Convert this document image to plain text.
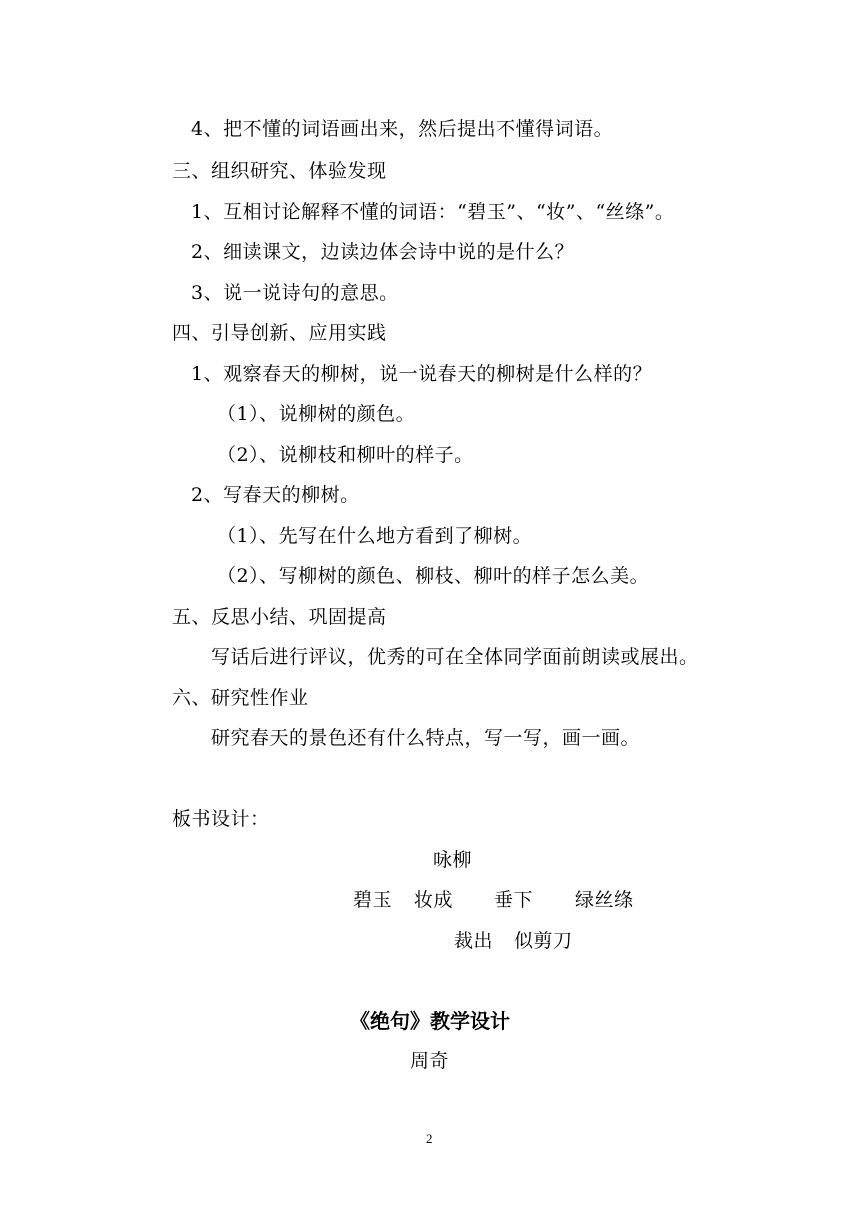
4、把不懂的词语画出来，然后提出不懂得词语。
三、组织研究、体验发现
1、互相讨论解释不懂的词语：“碧玉”、“妆”、“丝绦”。
2、细读课文，边读边体会诗中说的是什么？
3、说一说诗句的意思。
四、引导创新、应用实践
1、观察春天的柳树，说一说春天的柳树是什么样的？
（1）、说柳树的颜色。
（2）、说柳枝和柳叶的样子。
2、写春天的柳树。
（1）、先写在什么地方看到了柳树。
（2）、写柳树的颜色、柳枝、柳叶的样子怎么美。
五、反思小结、巩固提高
写话后进行评议，优秀的可在全体同学面前朗读或展出。
六、研究性作业
研究春天的景色还有什么特点，写一写，画一画。
板书设计：
咏柳
碧玉 妆成 垂下 绿丝绦
裁出 似剪刀
《绝句》教学设计
周奇
2
